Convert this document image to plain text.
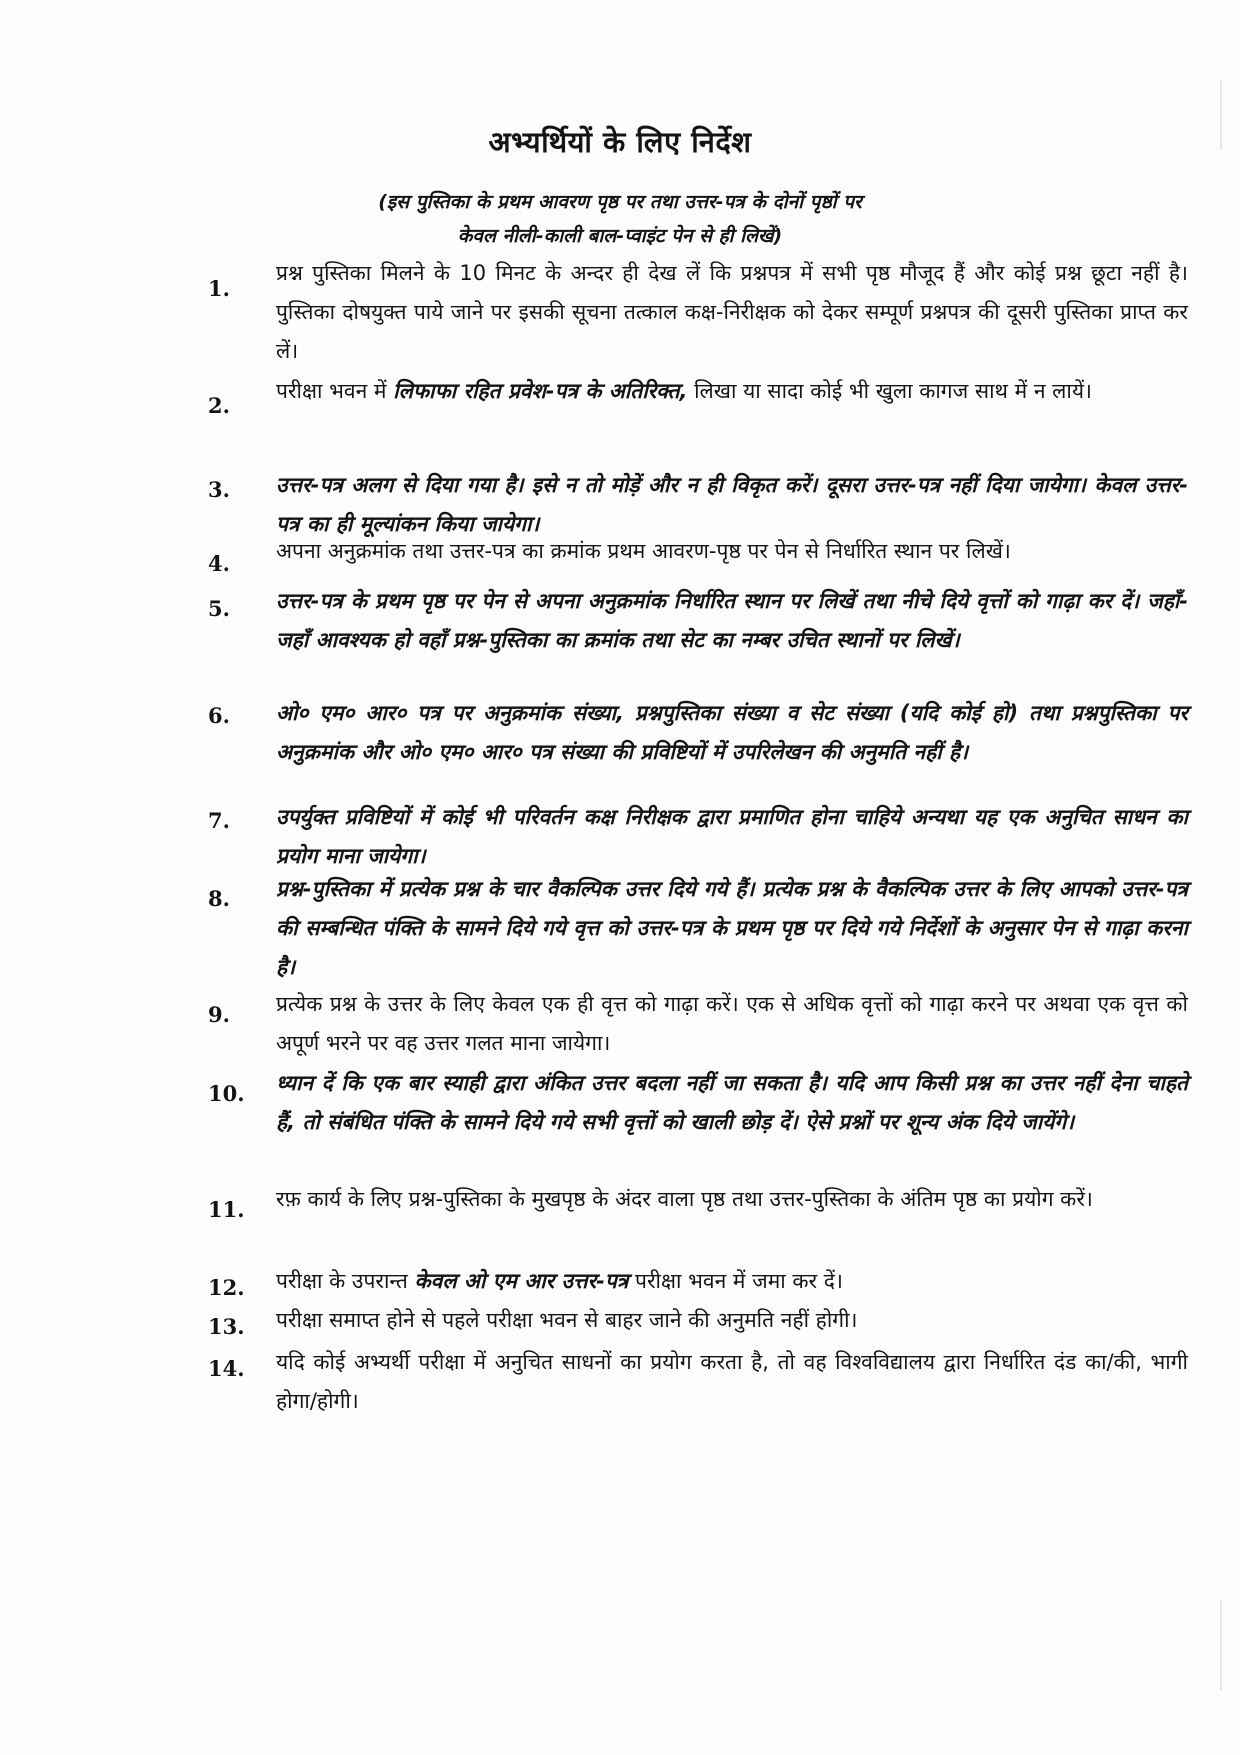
अभ्यर्थियों के लिए निर्देश
(इस पुस्तिका के प्रथम आवरण पृष्ठ पर तथा उत्तर-पत्र के दोनों पृष्ठों पर
केवल नीली-काली बाल-प्वाइंट पेन से ही लिखें)
1.
प्रश्न पुस्तिका मिलने के 10 मिनट के अन्दर ही देख लें कि प्रश्नपत्र में सभी पृष्ठ मौजूद हैं और कोई प्रश्न छूटा नहीं है। पुस्तिका दोषयुक्त पाये जाने पर इसकी सूचना तत्काल कक्ष-निरीक्षक को देकर सम्पूर्ण प्रश्नपत्र की दूसरी पुस्तिका प्राप्त कर लें।
2.
परीक्षा भवन में लिफाफा रहित प्रवेश-पत्र के अतिरिक्त, लिखा या सादा कोई भी खुला कागज साथ में न लायें।
3.	उत्तर-पत्र अलग से दिया गया है। इसे न तो मोड़ें और न ही विकृत करें। दूसरा उत्तर-पत्र नहीं दिया जायेगा। केवल उत्तर-पत्र का ही मूल्यांकन किया जायेगा।
4.	अपना अनुक्रमांक तथा उत्तर-पत्र का क्रमांक प्रथम आवरण-पृष्ठ पर पेन से निर्धारित स्थान पर लिखें।
5.	उत्तर-पत्र के प्रथम पृष्ठ पर पेन से अपना अनुक्रमांक निर्धारित स्थान पर लिखें तथा नीचे दिये वृत्तों को गाढ़ा कर दें। जहाँ-जहाँ आवश्यक हो वहाँ प्रश्न-पुस्तिका का क्रमांक तथा सेट का नम्बर उचित स्थानों पर लिखें।
6.	ओ० एम० आर० पत्र पर अनुक्रमांक संख्या, प्रश्नपुस्तिका संख्या व सेट संख्या (यदि कोई हो) तथा प्रश्नपुस्तिका पर अनुक्रमांक और ओ० एम० आर० पत्र संख्या की प्रविष्टियों में उपरिलेखन की अनुमति नहीं है।
7.	उपर्युक्त प्रविष्टियों में कोई भी परिवर्तन कक्ष निरीक्षक द्वारा प्रमाणित होना चाहिये अन्यथा यह एक अनुचित साधन का प्रयोग माना जायेगा।
8.	प्रश्न-पुस्तिका में प्रत्येक प्रश्न के चार वैकल्पिक उत्तर दिये गये हैं। प्रत्येक प्रश्न के वैकल्पिक उत्तर के लिए आपको उत्तर-पत्र की सम्बन्धित पंक्ति के सामने दिये गये वृत्त को उत्तर-पत्र के प्रथम पृष्ठ पर दिये गये निर्देशों के अनुसार पेन से गाढ़ा करना है।
9.	प्रत्येक प्रश्न के उत्तर के लिए केवल एक ही वृत्त को गाढ़ा करें। एक से अधिक वृत्तों को गाढ़ा करने पर अथवा एक वृत्त को अपूर्ण भरने पर वह उत्तर गलत माना जायेगा।
10.	ध्यान दें कि एक बार स्याही द्वारा अंकित उत्तर बदला नहीं जा सकता है। यदि आप किसी प्रश्न का उत्तर नहीं देना चाहते हैं, तो संबंधित पंक्ति के सामने दिये गये सभी वृत्तों को खाली छोड़ दें। ऐसे प्रश्नों पर शून्य अंक दिये जायेंगे।
11.	रफ़ कार्य के लिए प्रश्न-पुस्तिका के मुखपृष्ठ के अंदर वाला पृष्ठ तथा उत्तर-पुस्तिका के अंतिम पृष्ठ का प्रयोग करें।
12.	परीक्षा के उपरान्त केवल ओ एम आर उत्तर-पत्र परीक्षा भवन में जमा कर दें।
13.	परीक्षा समाप्त होने से पहले परीक्षा भवन से बाहर जाने की अनुमति नहीं होगी।
14.	यदि कोई अभ्यर्थी परीक्षा में अनुचित साधनों का प्रयोग करता है, तो वह विश्वविद्यालय द्वारा निर्धारित दंड का/की, भागी होगा/होगी।
